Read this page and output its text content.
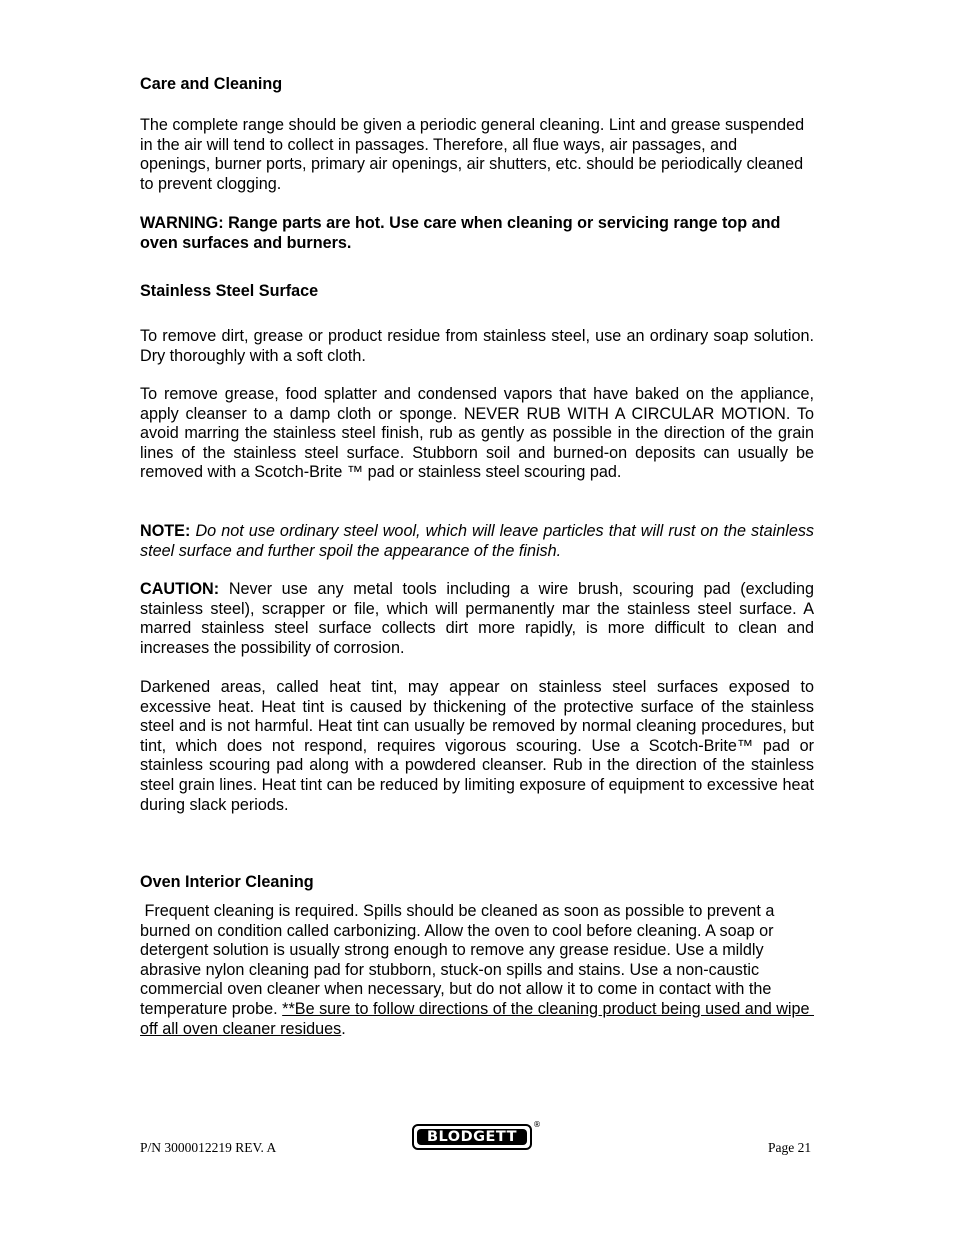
Care and Cleaning

The complete range should be given a periodic general cleaning. Lint and grease suspended in the air will tend to collect in passages. Therefore, all flue ways, air passages, and openings, burner ports, primary air openings, air shutters, etc. should be periodically cleaned to prevent clogging.

WARNING: Range parts are hot. Use care when cleaning or servicing range top and oven surfaces and burners.

Stainless Steel Surface

To remove dirt, grease or product residue from stainless steel, use an ordinary soap solution. Dry thoroughly with a soft cloth.

To remove grease, food splatter and condensed vapors that have baked on the appliance, apply cleanser to a damp cloth or sponge. NEVER RUB WITH A CIRCULAR MOTION. To avoid marring the stainless steel finish, rub as gently as possible in the direction of the grain lines of the stainless steel surface. Stubborn soil and burned-on deposits can usually be removed with a Scotch-Brite ™ pad or stainless steel scouring pad.

NOTE: Do not use ordinary steel wool, which will leave particles that will rust on the stainless steel surface and further spoil the appearance of the finish.

CAUTION: Never use any metal tools including a wire brush, scouring pad (excluding stainless steel), scrapper or file, which will permanently mar the stainless steel surface. A marred stainless steel surface collects dirt more rapidly, is more difficult to clean and increases the possibility of corrosion.

Darkened areas, called heat tint, may appear on stainless steel surfaces exposed to excessive heat. Heat tint is caused by thickening of the protective surface of the stainless steel and is not harmful. Heat tint can usually be removed by normal cleaning procedures, but tint, which does not respond, requires vigorous scouring. Use a Scotch-Brite™ pad or stainless scouring pad along with a powdered cleanser. Rub in the direction of the stainless steel grain lines. Heat tint can be reduced by limiting exposure of equipment to excessive heat during slack periods.

Oven Interior Cleaning

Frequent cleaning is required. Spills should be cleaned as soon as possible to prevent a burned on condition called carbonizing. Allow the oven to cool before cleaning. A soap or detergent solution is usually strong enough to remove any grease residue. Use a mildly abrasive nylon cleaning pad for stubborn, stuck-on spills and stains. Use a non-caustic commercial oven cleaner when necessary, but do not allow it to come in contact with the temperature probe. **Be sure to follow directions of the cleaning product being used and wipe off all oven cleaner residues.

P/N 3000012219 REV. A
BLODGETT
®
Page 21
